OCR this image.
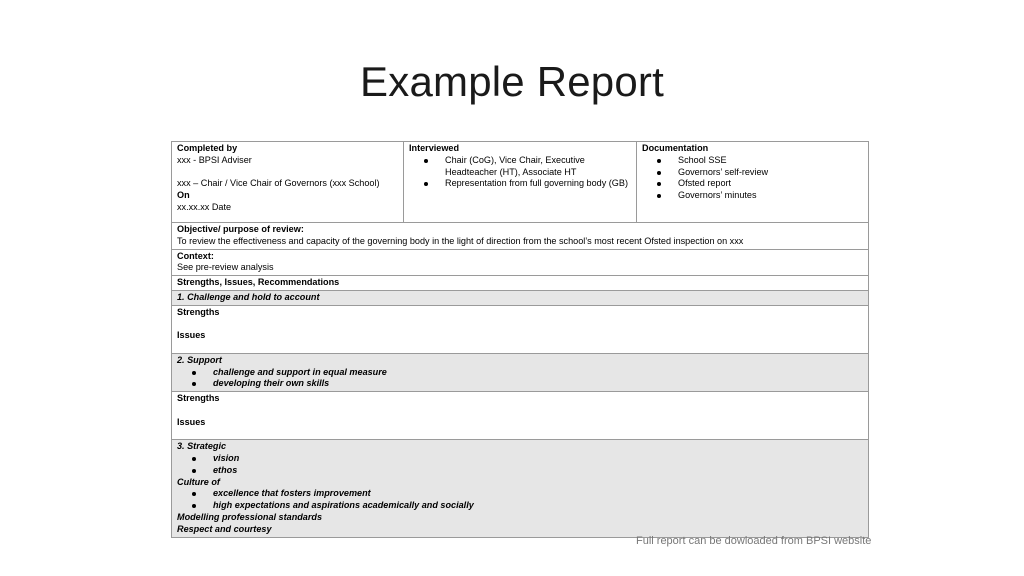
Example Report
Completed by
xxx - BPSI Adviser
xxx – Chair / Vice Chair of Governors (xxx School)
On
xx.xx.xx Date

Interviewed
Chair (CoG), Vice Chair, Executive Headteacher (HT), Associate HT
Representation from full governing body (GB)

Documentation
School SSE
Governors’ self-review
Ofsted report
Governors’ minutes

Objective/ purpose of review:
To review the effectiveness and capacity of the governing body in the light of direction from the school’s most recent Ofsted inspection on xxx

Context:
See pre-review analysis

Strengths, Issues, Recommendations

1. Challenge and hold to account

Strengths
Issues

2. Support
challenge and support in equal measure
developing their own skills

Strengths
Issues

3. Strategic
vision
ethos
Culture of
excellence that fosters improvement
high expectations and aspirations academically and socially
Modelling professional standards
Respect and courtesy
Full report can be dowloaded from BPSI website
